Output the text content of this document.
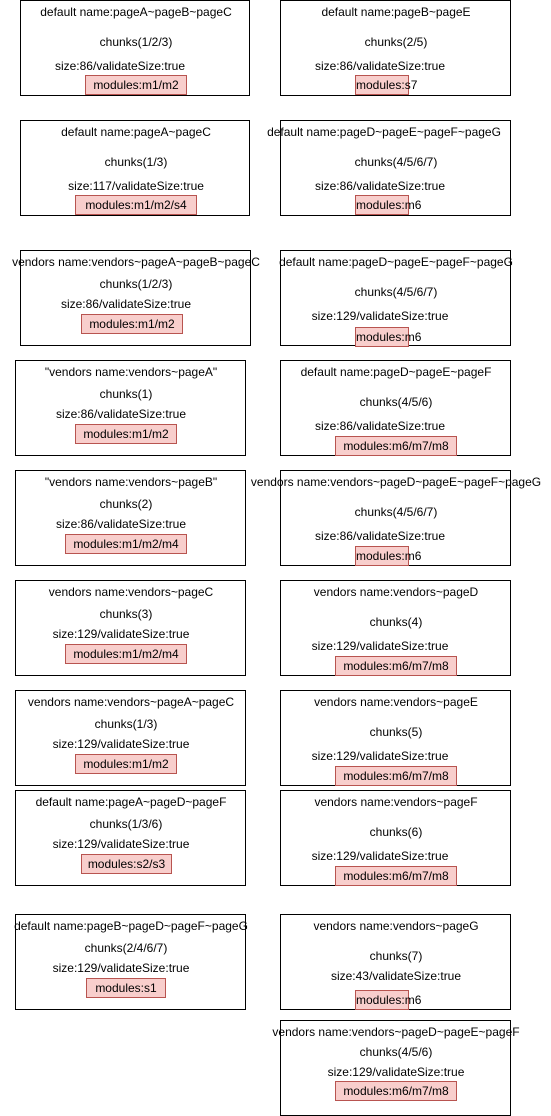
default name:pageA~pageB~pageC
chunks(1/2/3)
size:86/validateSize:true
modules:m1/m2
default name:pageB~pageE
chunks(2/5)
size:86/validateSize:true
modules:s7
default name:pageA~pageC
chunks(1/3)
size:117/validateSize:true
modules:m1/m2/s4
default name:pageD~pageE~pageF~pageG
chunks(4/5/6/7)
size:86/validateSize:true
modules:m6
vendors name:vendors~pageA~pageB~pageC
chunks(1/2/3)
size:86/validateSize:true
modules:m1/m2
default name:pageD~pageE~pageF~pageG
chunks(4/5/6/7)
size:129/validateSize:true
modules:m6
"vendors name:vendors~pageA"
chunks(1)
size:86/validateSize:true
modules:m1/m2
default name:pageD~pageE~pageF
chunks(4/5/6)
size:86/validateSize:true
modules:m6/m7/m8
"vendors name:vendors~pageB"
chunks(2)
size:86/validateSize:true
modules:m1/m2/m4
vendors name:vendors~pageD~pageE~pageF~pageG
chunks(4/5/6/7)
size:86/validateSize:true
modules:m6
vendors name:vendors~pageC
chunks(3)
size:129/validateSize:true
modules:m1/m2/m4
vendors name:vendors~pageD
chunks(4)
size:129/validateSize:true
modules:m6/m7/m8
vendors name:vendors~pageA~pageC
chunks(1/3)
size:129/validateSize:true
modules:m1/m2
vendors name:vendors~pageE
chunks(5)
size:129/validateSize:true
modules:m6/m7/m8
default name:pageA~pageD~pageF
chunks(1/3/6)
size:129/validateSize:true
modules:s2/s3
vendors name:vendors~pageF
chunks(6)
size:129/validateSize:true
modules:m6/m7/m8
default name:pageB~pageD~pageF~pageG
chunks(2/4/6/7)
size:129/validateSize:true
modules:s1
vendors name:vendors~pageG
chunks(7)
size:43/validateSize:true
modules:m6
vendors name:vendors~pageD~pageE~pageF
chunks(4/5/6)
size:129/validateSize:true
modules:m6/m7/m8
